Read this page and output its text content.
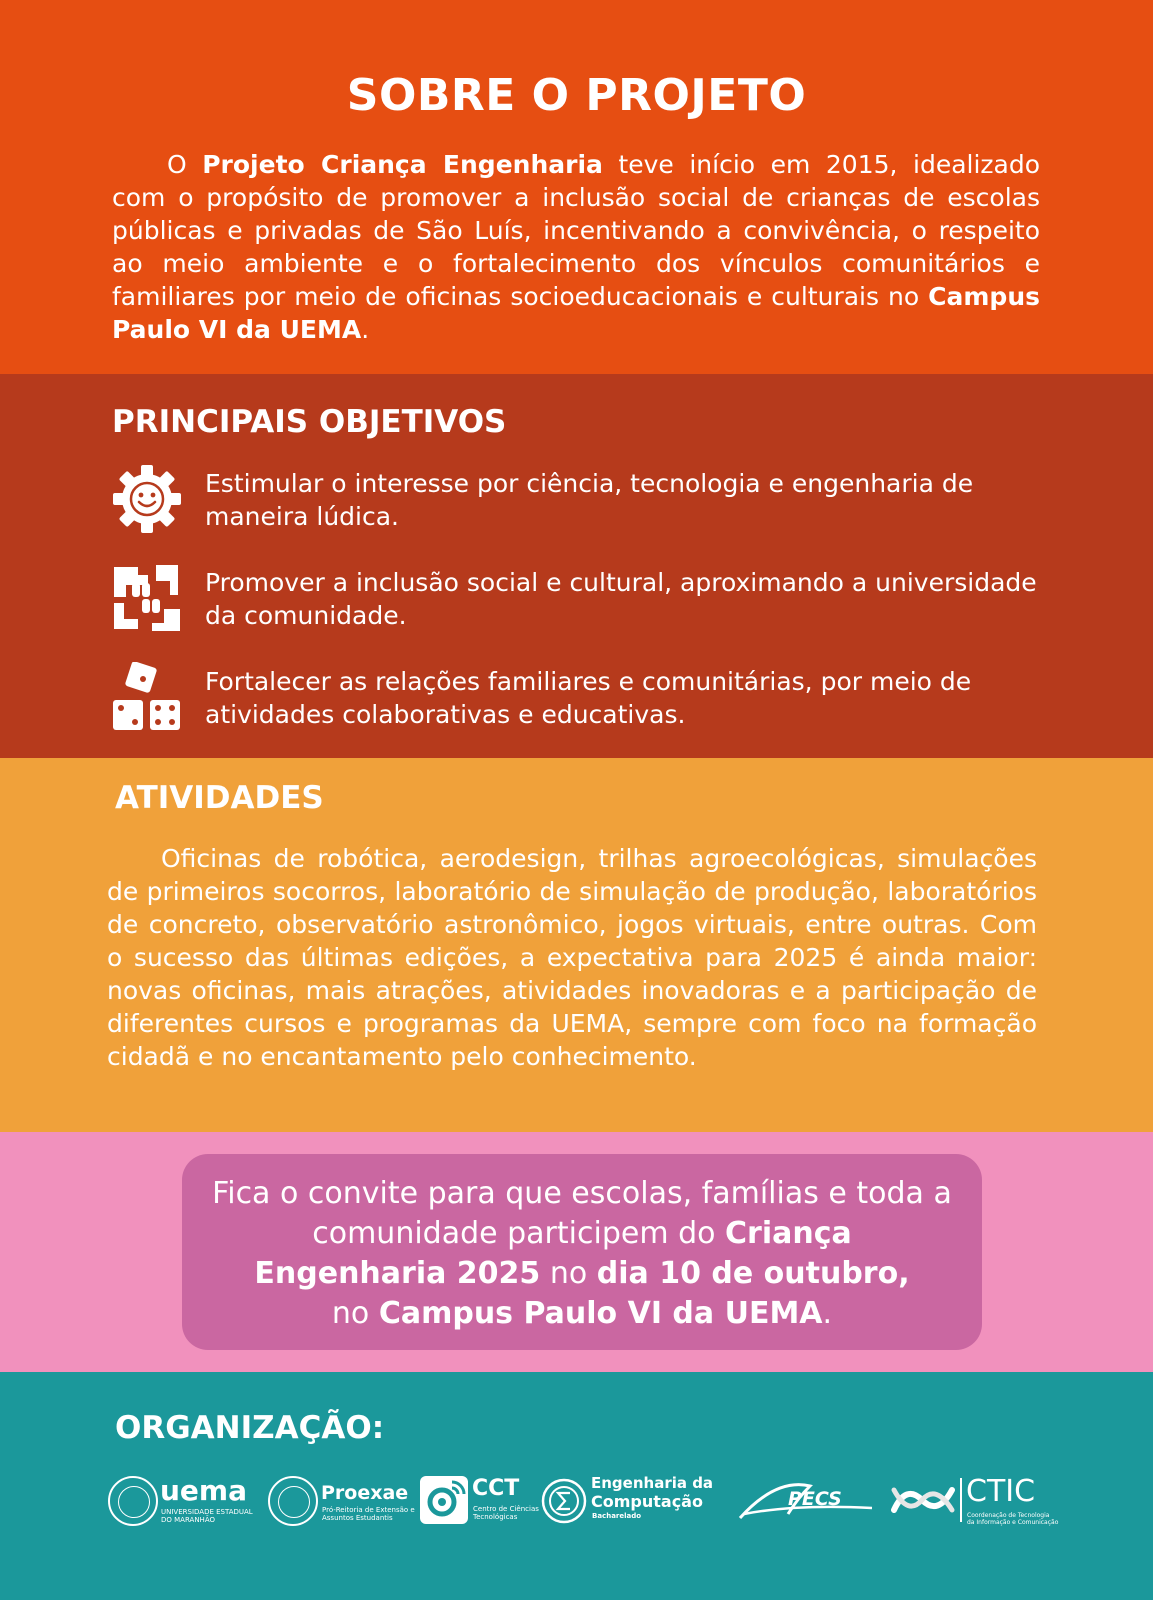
SOBRE O PROJETO

O Projeto Criança Engenharia teve início em 2015, idealizado com o propósito de promover a inclusão social de crianças de escolas públicas e privadas de São Luís, incentivando a convivência, o respeito ao meio ambiente e o fortalecimento dos vínculos comunitários e familiares por meio de oficinas socioeducacionais e culturais no Campus Paulo VI da UEMA.

PRINCIPAIS OBJETIVOS
Estimular o interesse por ciência, tecnologia e engenharia de maneira lúdica.
Promover a inclusão social e cultural, aproximando a universidade da comunidade.
Fortalecer as relações familiares e comunitárias, por meio de atividades colaborativas e educativas.
ATIVIDADES

Oficinas de robótica, aerodesign, trilhas agroecológicas, simulações de primeiros socorros, laboratório de simulação de produção, laboratórios de concreto, observatório astronômico, jogos virtuais, entre outras. Com o sucesso das últimas edições, a expectativa para 2025 é ainda maior: novas oficinas, mais atrações, atividades inovadoras e a participação de diferentes cursos e programas da UEMA, sempre com foco na formação cidadã e no encantamento pelo conhecimento.

Fica o convite para que escolas, famílias e toda a comunidade participem do Criança Engenharia 2025 no dia 10 de outubro,
no Campus Paulo VI da UEMA.
ORGANIZAÇÃO:
uema
UNIVERSIDADE ESTADUAL
DO MARANHÃO
Proexae
Pró-Reitoria de Extensão e
Assuntos Estudantis
CCT
Centro de Ciências
Tecnológicas
Engenharia da
Computação
Bacharelado
PECS	CTIC
Coordenação de Tecnologia
da Informação e Comunicação
